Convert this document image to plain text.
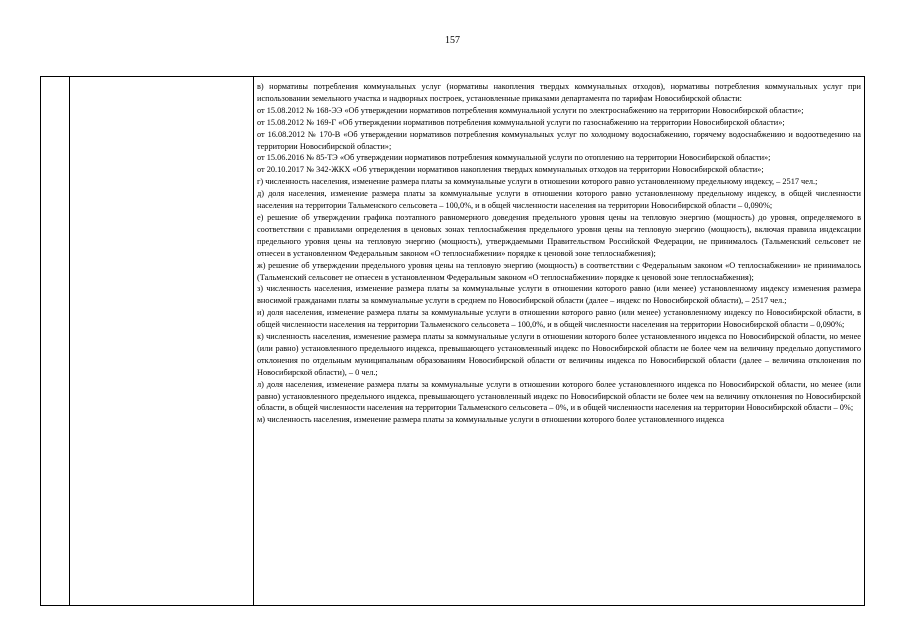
157

в) нормативы потребления коммунальных услуг (нормативы накопления твердых коммунальных отходов), нормативы потребления коммунальных услуг при использовании земельного участка и надворных построек, установленные приказами департамента по тарифам Новосибирской области:

от 15.08.2012 № 168-ЭЭ «Об утверждении нормативов потребления коммунальной услуги по электроснабжению на территории Новосибирской области»;

от 15.08.2012 № 169-Г «Об утверждении нормативов потребления коммунальной услуги по газоснабжению на территории Новосибирской области»;

от 16.08.2012 № 170-В «Об утверждении нормативов потребления коммунальных услуг по холодному водоснабжению, горячему водоснабжению и водоотведению на территории Новосибирской области»;

от 15.06.2016 № 85-ТЭ «Об утверждении нормативов потребления коммунальной услуги по отоплению на территории Новосибирской области»;

от 20.10.2017 № 342-ЖКХ «Об утверждении нормативов накопления твердых коммунальных отходов на территории Новосибирской области»;

г) численность населения, изменение размера платы за коммунальные услуги в отношении которого равно установленному предельному индексу, – 2517 чел.;

д) доля населения, изменение размера платы за коммунальные услуги в отношении которого равно установленному предельному индексу, в общей численности населения на территории Тальменского сельсовета – 100,0%, и в общей численности населения на территории Новосибирской области – 0,090%;

е) решение об утверждении графика поэтапного равномерного доведения предельного уровня цены на тепловую энергию (мощность) до уровня, определяемого в соответствии с правилами определения в ценовых зонах теплоснабжения предельного уровня цены на тепловую энергию (мощность), включая правила индексации предельного уровня цены на тепловую энергию (мощность), утверждаемыми Правительством Российской Федерации, не принималось (Тальменский сельсовет не отнесен в установленном Федеральным законом «О теплоснабжении» порядке к ценовой зоне теплоснабжения);

ж) решение об утверждении предельного уровня цены на тепловую энергию (мощность) в соответствии с Федеральным законом «О теплоснабжении» не принималось (Тальменский сельсовет не отнесен в установленном Федеральным законом «О теплоснабжении» порядке к ценовой зоне теплоснабжения);

з) численность населения, изменение размера платы за коммунальные услуги в отношении которого равно (или менее) установленному индексу изменения размера вносимой гражданами платы за коммунальные услуги в среднем по Новосибирской области (далее – индекс по Новосибирской области), – 2517 чел.;

и) доля населения, изменение размера платы за коммунальные услуги в отношении которого равно (или менее) установленному индексу по Новосибирской области, в общей численности населения на территории Тальменского сельсовета – 100,0%, и в общей численности населения на территории Новосибирской области – 0,090%;

к) численность населения, изменение размера платы за коммунальные услуги в отношении которого более установленного индекса по Новосибирской области, но менее (или равно) установленного предельного индекса, превышающего установленный индекс по Новосибирской области не более чем на величину предельно допустимого отклонения по отдельным муниципальным образованиям Новосибирской области от величины индекса по Новосибирской области (далее – величина отклонения по Новосибирской области), – 0 чел.;

л) доля населения, изменение размера платы за коммунальные услуги в отношении которого более установленного индекса по Новосибирской области, но менее (или равно) установленного предельного индекса, превышающего установленный индекс по Новосибирской области не более чем на величину отклонения по Новосибирской области, в общей численности населения на территории Тальменского сельсовета – 0%, и в общей численности населения на территории Новосибирской области – 0%;

м) численность населения, изменение размера платы за коммунальные услуги в отношении которого более установленного индекса
